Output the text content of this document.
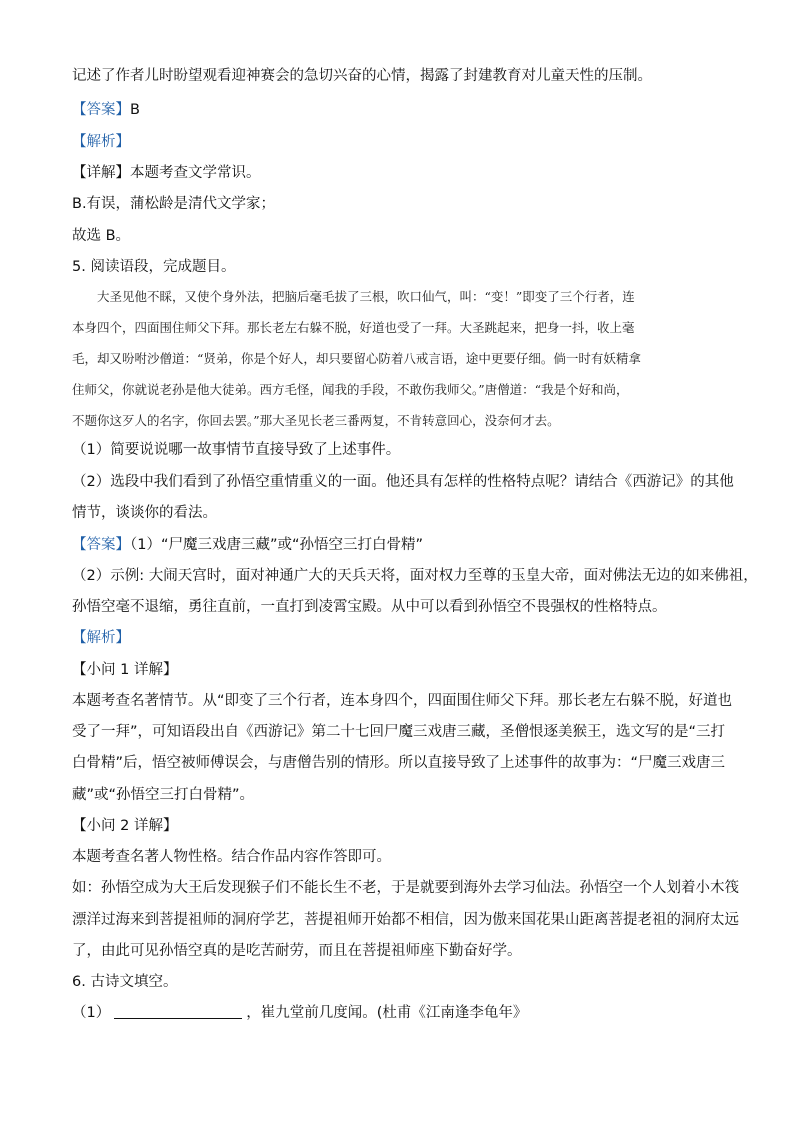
记述了作者儿时盼望观看迎神赛会的急切兴奋的心情，揭露了封建教育对儿童天性的压制。
【答案】B
【解析】
【详解】本题考查文学常识。
B.有误，蒲松龄是清代文学家；
故选 B。
5. 阅读语段，完成题目。
大圣见他不睬，又使个身外法，把脑后毫毛拔了三根，吹口仙气，叫：“变！”即变了三个行者，连
本身四个，四面围住师父下拜。那长老左右躲不脱，好道也受了一拜。大圣跳起来，把身一抖，收上毫
毛，却又吩咐沙僧道：“贤弟，你是个好人，却只要留心防着八戒言语，途中更要仔细。倘一时有妖精拿
住师父，你就说老孙是他大徒弟。西方毛怪，闻我的手段，不敢伤我师父。”唐僧道：“我是个好和尚，
不题你这歹人的名字，你回去罢。”那大圣见长老三番两复，不肯转意回心，没奈何才去。
（1）简要说说哪一故事情节直接导致了上述事件。
（2）选段中我们看到了孙悟空重情重义的一面。他还具有怎样的性格特点呢？请结合《西游记》的其他
情节，谈谈你的看法。
【答案】（1）“尸魔三戏唐三藏”或“孙悟空三打白骨精”
（2）示例: 大闹天宫时，面对神通广大的天兵天将，面对权力至尊的玉皇大帝，面对佛法无边的如来佛祖，
孙悟空毫不退缩，勇往直前，一直打到凌霄宝殿。从中可以看到孙悟空不畏强权的性格特点。
【解析】
【小问 1 详解】
本题考查名著情节。从“即变了三个行者，连本身四个，四面围住师父下拜。那长老左右躲不脱，好道也
受了一拜”，可知语段出自《西游记》第二十七回尸魔三戏唐三藏，圣僧恨逐美猴王，选文写的是“三打
白骨精”后，悟空被师傅误会，与唐僧告别的情形。所以直接导致了上述事件的故事为：“尸魔三戏唐三
藏”或“孙悟空三打白骨精”。
【小问 2 详解】
本题考查名著人物性格。结合作品内容作答即可。
如：孙悟空成为大王后发现猴子们不能长生不老，于是就要到海外去学习仙法。孙悟空一个人划着小木筏
漂洋过海来到菩提祖师的洞府学艺，菩提祖师开始都不相信，因为傲来国花果山距离菩提老祖的洞府太远
了，由此可见孙悟空真的是吃苦耐劳，而且在菩提祖师座下勤奋好学。
6. 古诗文填空。
（1）	，崔九堂前几度闻。(杜甫《江南逢李龟年》
